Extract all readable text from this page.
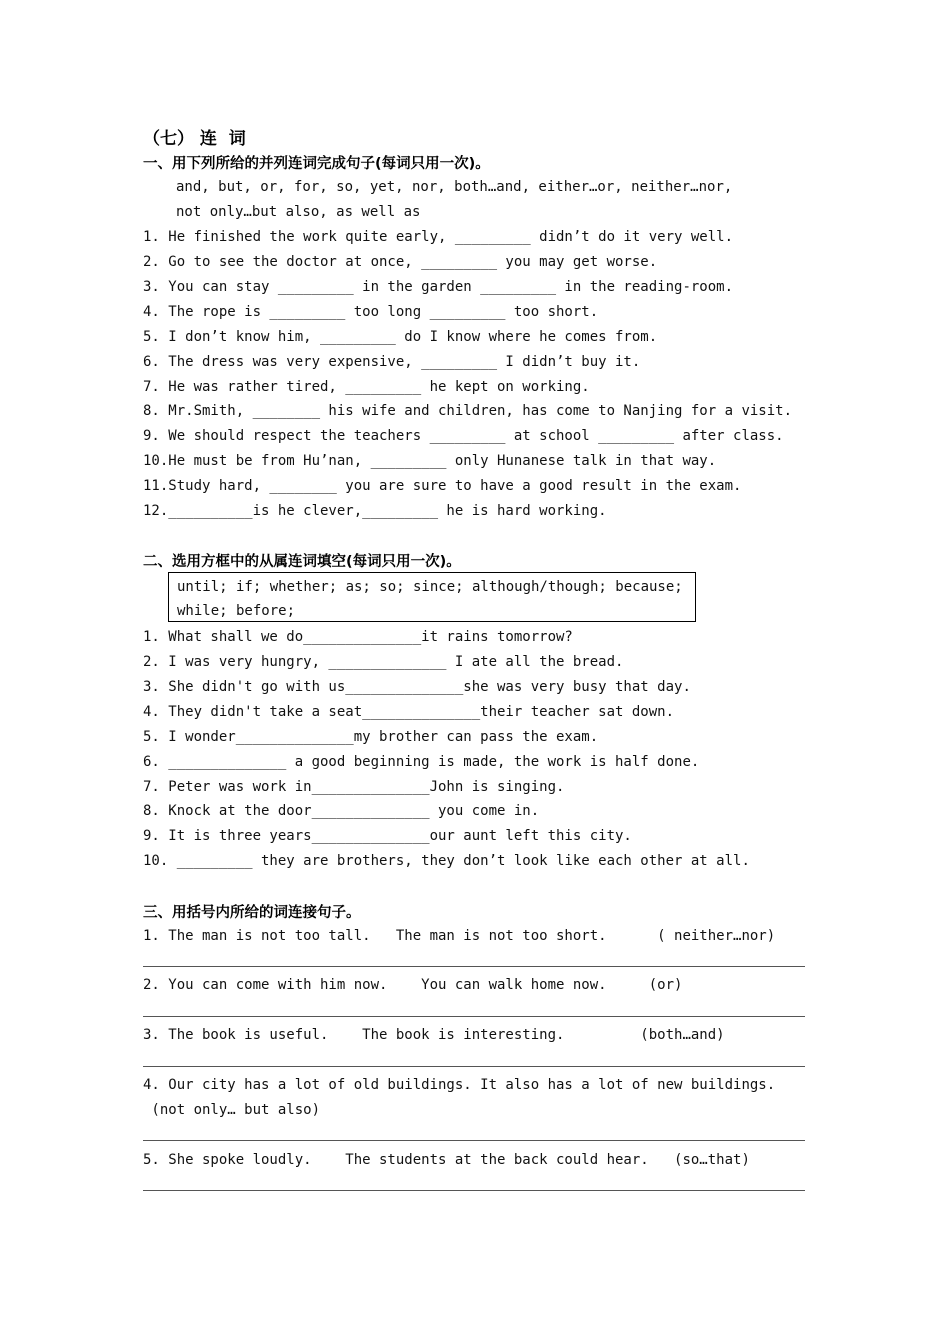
（七） 连  词
一、用下列所给的并列连词完成句子(每词只用一次)。
and, but, or, for, so, yet, nor, both…and, either…or, neither…nor,
not only…but also, as well as
1. He finished the work quite early, _________ didn’t do it very well.
2. Go to see the doctor at once, _________ you may get worse.
3. You can stay _________ in the garden _________ in the reading-room.
4. The rope is _________ too long _________ too short.
5. I don’t know him, _________ do I know where he comes from.
6. The dress was very expensive, _________ I didn’t buy it.
7. He was rather tired, _________ he kept on working.
8. Mr.Smith, ________ his wife and children, has come to Nanjing for a visit.
9. We should respect the teachers _________ at school _________ after class.
10.He must be from Hu’nan, _________ only Hunanese talk in that way.
11.Study hard, ________ you are sure to have a good result in the exam.
12.__________is he clever,_________ he is hard working.
二、选用方框中的从属连词填空(每词只用一次)。
until; if; whether; as; so; since; although/though; because;
while; before;
1. What shall we do______________it rains tomorrow?
2. I was very hungry, ______________ I ate all the bread.
3. She didn't go with us______________she was very busy that day.
4. They didn't take a seat______________their teacher sat down.
5. I wonder______________my brother can pass the exam.
6. ______________ a good beginning is made, the work is half done.
7. Peter was work in______________John is singing.
8. Knock at the door______________ you come in.
9. It is three years______________our aunt left this city.
10. _________ they are brothers, they don’t look like each other at all.
三、用括号内所给的词连接句子。
1. The man is not too tall.   The man is not too short.      ( neither…nor)
2. You can come with him now.    You can walk home now.     (or)
3. The book is useful.    The book is interesting.         (both…and)
4. Our city has a lot of old buildings. It also has a lot of new buildings.
(not only… but also)
5. She spoke loudly.    The students at the back could hear.   (so…that)
